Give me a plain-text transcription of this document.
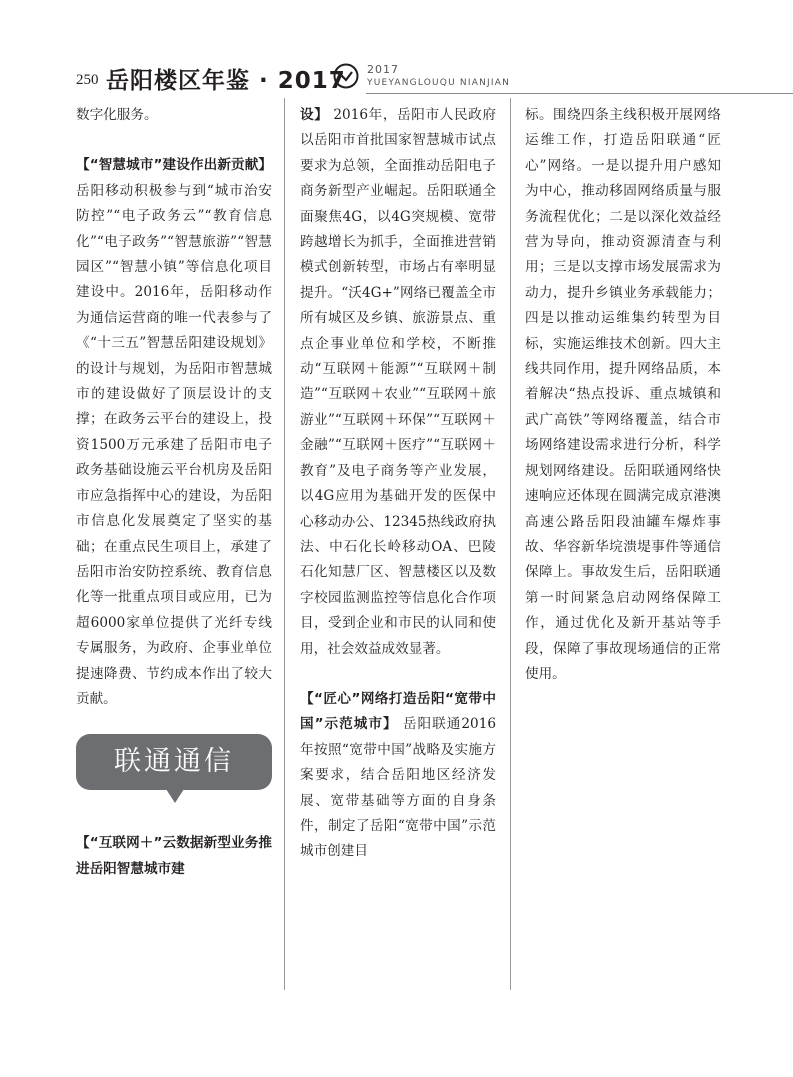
250 岳阳楼区年鉴 · 2017 2017
YUEYANGLOUQU NIANJIAN

数字化服务。

【“智慧城市”建设作出新贡献】 岳阳移动积极参与到“城市治安防控”“电子政务云”“教育信息化”“电子政务”“智慧旅游”“智慧园区”“智慧小镇”等信息化项目建设中。2016年，岳阳移动作为通信运营商的唯一代表参与了《“十三五”智慧岳阳建设规划》的设计与规划，为岳阳市智慧城市的建设做好了顶层设计的支撑；在政务云平台的建设上，投资1500万元承建了岳阳市电子政务基础设施云平台机房及岳阳市应急指挥中心的建设，为岳阳市信息化发展奠定了坚实的基础；在重点民生项目上，承建了岳阳市治安防控系统、教育信息化等一批重点项目或应用，已为超6000家单位提供了光纤专线专属服务，为政府、企事业单位提速降费、节约成本作出了较大贡献。

联通通信

【“互联网＋”云数据新型业务推进岳阳智慧城市建

设】 2016年，岳阳市人民政府以岳阳市首批国家智慧城市试点要求为总领，全面推动岳阳电子商务新型产业崛起。岳阳联通全面聚焦4G，以4G突规模、宽带跨越增长为抓手，全面推进营销模式创新转型，市场占有率明显提升。“沃4G+”网络已覆盖全市所有城区及乡镇、旅游景点、重点企事业单位和学校，不断推动“互联网＋能源”“互联网＋制造”“互联网＋农业”“互联网＋旅游业”“互联网＋环保”“互联网＋金融”“互联网＋医疗”“互联网＋教育”及电子商务等产业发展，以4G应用为基础开发的医保中心移动办公、12345热线政府执法、中石化长岭移动OA、巴陵石化知慧厂区、智慧楼区以及数字校园监测监控等信息化合作项目，受到企业和市民的认同和使用，社会效益成效显著。

【“匠心”网络打造岳阳“宽带中国”示范城市】 岳阳联通2016年按照“宽带中国”战略及实施方案要求，结合岳阳地区经济发展、宽带基础等方面的自身条件，制定了岳阳“宽带中国”示范城市创建目

标。围绕四条主线积极开展网络运维工作，打造岳阳联通“匠心”网络。一是以提升用户感知为中心，推动移固网络质量与服务流程优化；二是以深化效益经营为导向，推动资源清查与利用；三是以支撑市场发展需求为动力，提升乡镇业务承载能力；四是以推动运维集约转型为目标，实施运维技术创新。四大主线共同作用，提升网络品质，本着解决“热点投诉、重点城镇和武广高铁”等网络覆盖，结合市场网络建设需求进行分析，科学规划网络建设。岳阳联通网络快速响应还体现在圆满完成京港澳高速公路岳阳段油罐车爆炸事故、华容新华垸溃堤事件等通信保障上。事故发生后，岳阳联通第一时间紧急启动网络保障工作，通过优化及新开基站等手段，保障了事故现场通信的正常使用。
